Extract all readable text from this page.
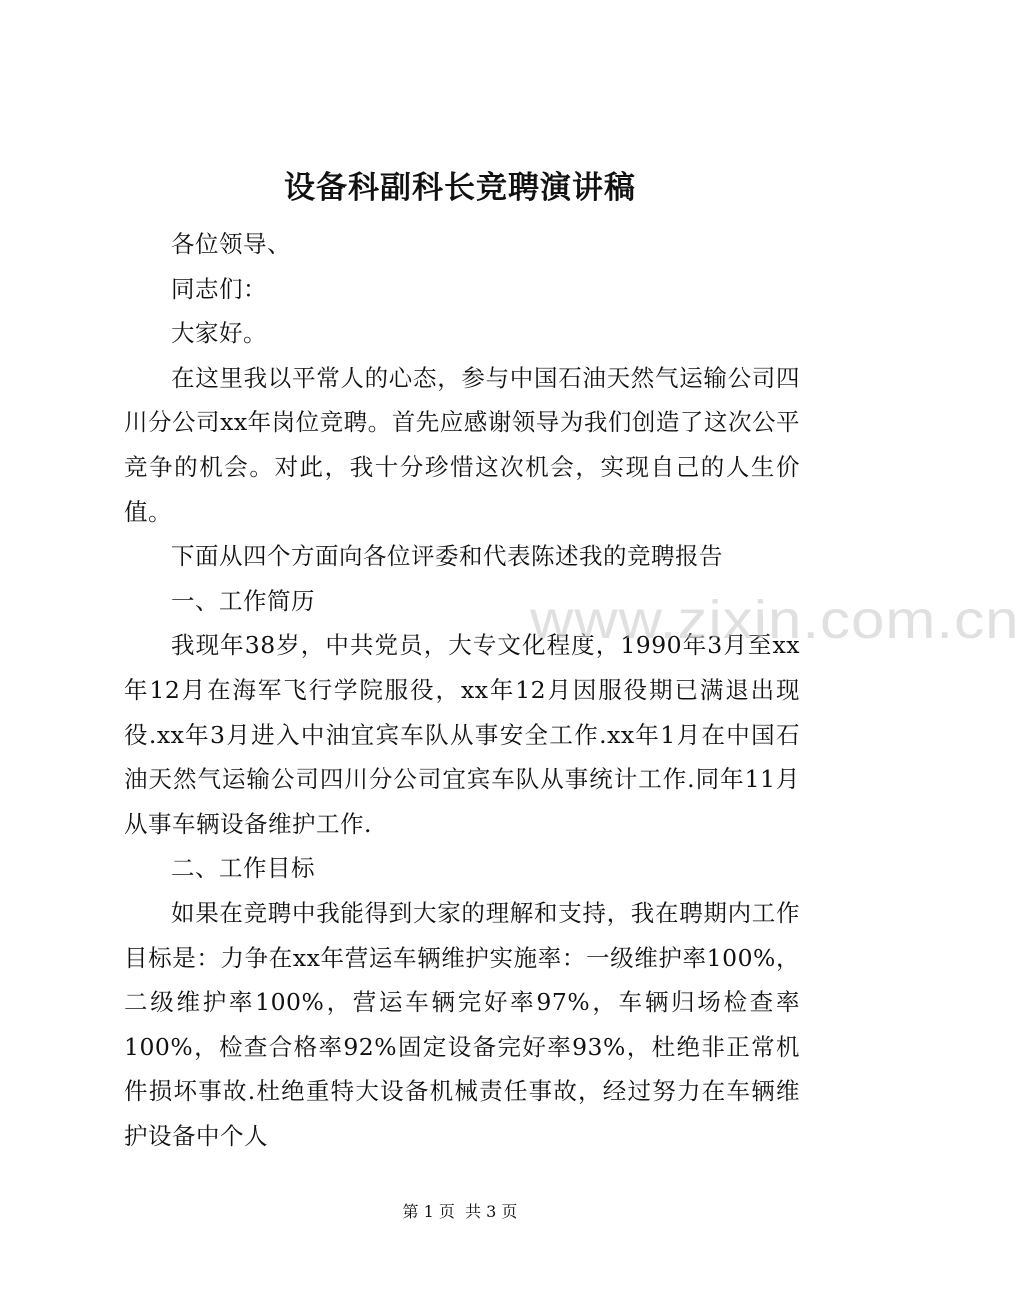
设备科副科长竞聘演讲稿

各位领导、

同志们：

大家好。

在这里我以平常人的心态，参与中国石油天然气运输公司四川分公司xx年岗位竞聘。首先应感谢领导为我们创造了这次公平竞争的机会。对此，我十分珍惜这次机会，实现自己的人生价值。

下面从四个方面向各位评委和代表陈述我的竞聘报告

一、工作简历

我现年38岁，中共党员，大专文化程度，1990年3月至xx年12月在海军飞行学院服役，xx年12月因服役期已满退出现役.xx年3月进入中油宜宾车队从事安全工作.xx年1月在中国石油天然气运输公司四川分公司宜宾车队从事统计工作.同年11月从事车辆设备维护工作.

二、工作目标

如果在竞聘中我能得到大家的理解和支持，我在聘期内工作目标是：力争在xx年营运车辆维护实施率：一级维护率100%，二级维护率100%，营运车辆完好率97%，车辆归场检查率100%，检查合格率92%固定设备完好率93%，杜绝非正常机件损坏事故.杜绝重特大设备机械责任事故，经过努力在车辆维护设备中个人

www.zixin.com.cn
第 1 页 共 3 页
